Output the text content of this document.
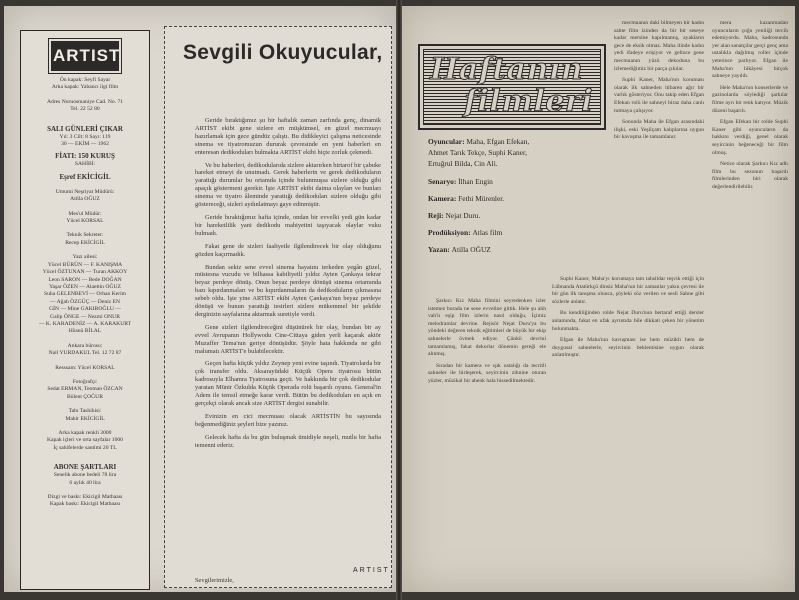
ARTIST
Ön kapak: Seyfi Sayar
Arka kapak: Yabancı ilgi film
Adres Nuruosmaniye Cad. No. 71
Tel. 22 52 80
SALI GÜNLERİ ÇIKAR
Yıl: 3 Cilt: 8 Sayı: 119
30 — EKİM — 1962
FİATI: 150 KURUŞ
SAHİBİ:
Eşref EKİCİGİL
Umumi Neşriyat Müdürü:
Atilla OĞUZ
Mes'ul Müdür:
Yücel KORSAL
Teknik Sekreter:
Recep EKİCİGİL
Yazı ailesi:
Yücel BÜRÜN — F. KANIŞMA
Yücel ÖZTUNAN — Turan AKKOY
Leon SARON — Bede DOĞAN
Yaşar ÖZEN — Alaettin OĞUZ
Suha GELENBEVİ — Orhan Kerim
— Ağah ÖZGÜÇ — Deniz EN
GİN — Mine GAKIROĞLU —
Galip ÖNGE — Nezmi ONUR
— K. KARADENİZ — A. KARAKURT
Hüsnü BİLAL
Ankara bürosu:
Nail YURDAKUL Tel. 12 72 87
Resssam: Yücel KORSAL
Fotoğrafçı:
Sedat ERMAN, Teoman ÖZCAN
Bülent ÇOĞUR
Tabı Tashihisi:
Mahir EKİCİGİL
Arka kapak renkli 3000
Kapak içleri ve orta sayfalar 1000
İç sahifelerde santimi 20 TL
ABONE ŞARTLARI
Senelik abone bedeli 78 lira
6 aylık 40 lira
Dizgi ve baskı: Ekicigil Matbaası
Kapak baskı: Ekicigil Matbaası
Sevgili Okuyucular,

Geride bıraktığımız şu bir haftalık zaman zarfında genç, dinamik ARTİST ekibi gene sizlere en müşkümsel, en güzel mecmuayı hazırlamak için gece gündüz çalıştı. Bu didikleyici çalışma neticesinde sinema ve tiyatromuzun dururak çevresinde en yeni haberleri en enteresan dedikoduları bulmakta ARTİST ekibi hiçte zorluk çekmedi.

Ve bu haberleri, dedikodularıda sizlere aktarırken birtarof bir çabuke hareket etmeyi de unutmadı. Gerek haberlerin ve gerek dedikoduların yarattığı durumlar bu ortamda içinde bulunmuşsa sizlere olduğu gibi apaçık göstermeni gerekir. İşte ARTİST ekibi daima olayları ve bunları sinema ve tiyatro âleminde yarattığı dedikoduları sizlere olduğu gibi göstereceği, sizleri aydınlatmayı gaye edinmiştir.

Geride bıraktığımız hafta içinde, ondan bir evvelki yedi gün kadar bir hareketlilik yani dedikodu mahiyetini taşıyacak olaylar vuku bulmadı.

Fakat gene de sizleri faaliyetle ilgilendirecek bir olay olduğunu gözden kaçırmadık.

Bundan sekiz sene evvel sinema hayatını terkeden yegân güzel, müstesna vucudu ve bilhassa kabiliyetli yıldız Ayten Çankaya tekrar beyaz perdeye dönüş. Onun beyaz perdeye dönüşü sinema ortamında bazı kıpırdanmaları ve bu kıpırdanmaların da dedikoduların çıkmasına sebeb oldu. İşte yine ARTİST ekibi Ayten Çankaya'nın beyaz perdeye dönüşü ve bunun yarattığı tesirleri sizlere mükemmel bir şekilde derginizin sayfalarına aktarmak suretiyle verdi.

Gene sizleri ilgilendireceğini düşünürek bir olay, bundan bir ay evvel Avrupanın Hollywodu Cine-Cittaya giden yerli kaçarak aktör Muzaffer Tema'nın geriye dönüşüdür. Şöyle hata hakkında ne gibi malumatı ARTİST'e bulabilecektir.

Geçen hafta küçük yıldız Zeynep yeni evine taşındı. Tiyatrolarda bir çok transfer oldu. Aksarayüdaki Küçük Opera tiyatrosu bütün kadrosuyla Elhamra Tyatrosuna geçti. Ve hakkında bir çok dedikodular yaratan Münir Özkulda Küçük Operada rolü başarılı oyunu. General'in Adem ile temsil etmeğe karar verdi. Bütün bu dedikoduları en açık en gerçekçi olarak ancak size ARTİST dergisi sunabilir.

Evinizin en cici mecmuası olacak ARTİSTİN bu sayısında beğenmediğiniz şeyleri bize yazınız.

Gelecek hafta da bu gün buluşmak ümidiyle neşeli, mutlu bir hafta temenni ederiz.

Sevgilerimizle,
ARTIST
Haftanın
filmleri

Oyuncular: Maha, Efgan Efekan, Ahmet Tarık Tekçe, Suphi Kaner, Ertuğrul Bilda, Cin Ali.

Senaryo: İlhan Engin

Kamera: Fethi Mürenler.

Reji: Nejat Duru.

Prodüksiyon: Atlas film

Yazan: Atilla OĞUZ

Şarkıcı Kız Maha filmini seyredenken izler istemez burada ne sene evveline gittik. Hele şu ahh vah'lı eşip film izlerin nasıl olduğu, İçimiz melodramlar devrine. Rejisör Nejat Duru'ya bu yöndeki değeren teknik eğitimleri de büyük bir ekip sahnelerle övmek ediyor. Çünkü devrini tamamlamış, fakat dekorlar dönemin gereği ele alınmış.

Sıradan bir kamera ve ışık ustalığı da tecritli sahneler ile birleşerek, seyircinin zihnine oturan yüzler, müzikal bir ahenk hala hissedilmektedir.

mecmuanın daki bilmeyen bir kadın sahte film izinden da bir bir seseye kadar mersine kapılmamış, ayakların gece de eksik olmaz. Maha ilinde kadın yedi ifadeye erişiyor ve gelince gene mecmuanın yüzü dekoduna bu izlemediğimiz bir parça çıkılar.

Suphi Kaner, Maha'nın koruması olarak ilk sahneden itibaren ağır bir varlık gösteriyor. Onu takip eden Efgan Efekan rolü ile sahneyi biraz daha canlı tutmaya çalışıyor.

Sonunda Maha ile Efgan arasındaki ilişki, eski Yeşilçam kalıplarına uygun bir kavuşma ile tamamlanır.

Suphi Kaner, Maha'yı korumaya tam tahsildar teşvik ettiği için Lübnanda Atatürkçü dinsiz Maha'nın bir zamanlar yakın çevresi ile bir gün ilk tanışma olunca, şöyleki söz verilen ve sesli Sahne gibi sözlerle anlatır.

Bu kendiliğinden rolde Nejat Duru'nun bertaraf ettiği dersler anlamında, fakat en ufak ayrıntıda bile dikkati çeken bir yönetim bulunmakta.

Efgan ile Maha'nın kavuşması ise hem müzikli hem de duygusal sahnelerle, seyircinin beklentisine uygun olarak anlatılmıştır.

mera kazanmadan oyuncuların çoğu yeniliği tercih edemiyordu. Maha, kadrosunda yer alan sanatçılar gerçi genç ama ustalıkla dağılmış roller içinde yeterince parlıyor. Efgan ile Maha'nın hikâyesi birçok sahneye yayıldı.

Hele Maha'nın konserlerde ve gazinolarda söylediği şarkılar filme ayrı bir renk katıyor. Müzik düzeni başarılı.

Efgan Efekan bir rolde Suphi Kaner gibi oyuncuların da hakkını verdiği, genel olarak seyircinin beğeneceği bir film olmuş.

Netice olarak Şarkıcı Kız adlı film bu sezonun başarılı filmlerinden biri olarak değerlendirilebilir.
